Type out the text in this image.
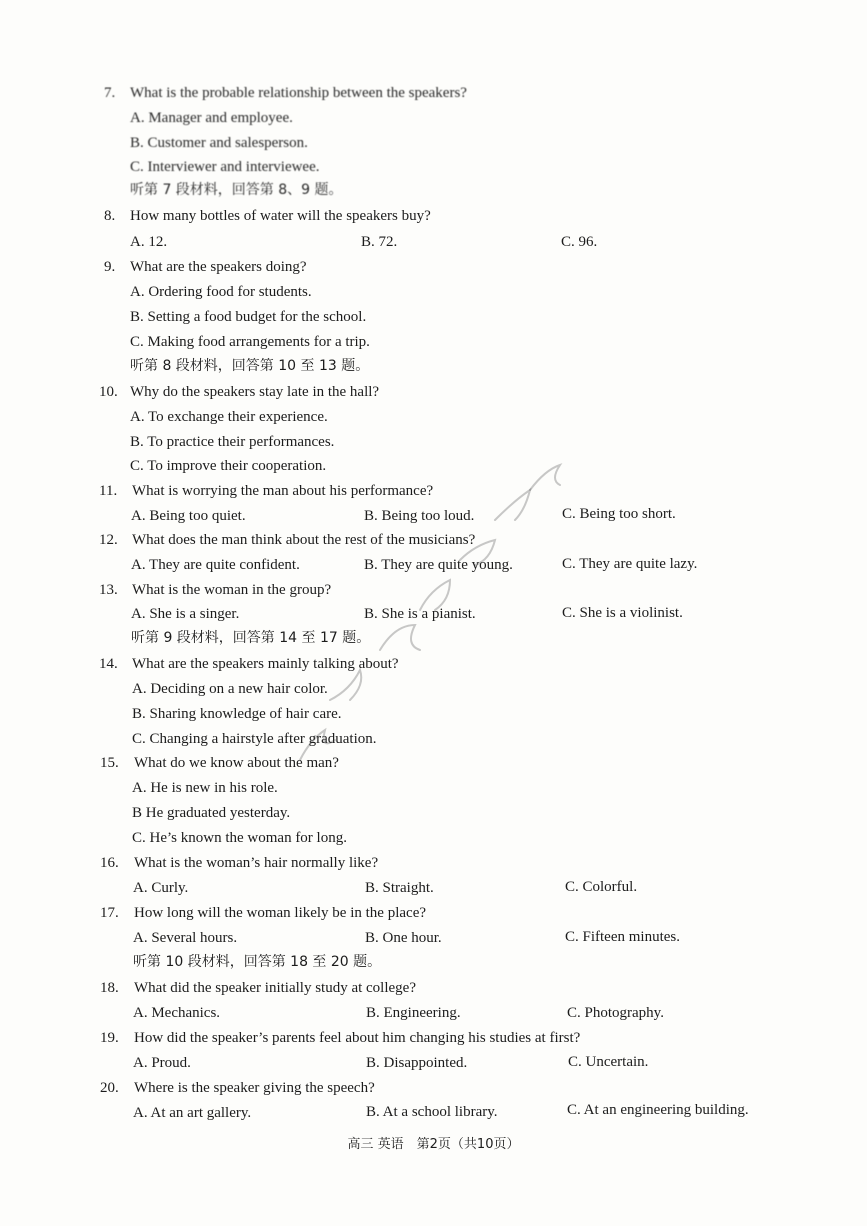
7. What is the probable relationship between the speakers?
A. Manager and employee.
B. Customer and salesperson.
C. Interviewer and interviewee.
听第 7 段材料，回答第 8、9 题。
8. How many bottles of water will the speakers buy?
A. 12.	B. 72.	C. 96.
9. What are the speakers doing?
A. Ordering food for students.
B. Setting a food budget for the school.
C. Making food arrangements for a trip.
听第 8 段材料，回答第 10 至 13 题。
10. Why do the speakers stay late in the hall?
A. To exchange their experience.
B. To practice their performances.
C. To improve their cooperation.
11. What is worrying the man about his performance?
A. Being too quiet.	B. Being too loud.	C. Being too short.
12. What does the man think about the rest of the musicians?
A. They are quite confident.	B. They are quite young.	C. They are quite lazy.
13. What is the woman in the group?
A. She is a singer.	B. She is a pianist.	C. She is a violinist.
听第 9 段材料，回答第 14 至 17 题。
14. What are the speakers mainly talking about?
A. Deciding on a new hair color.
B. Sharing knowledge of hair care.
C. Changing a hairstyle after graduation.
15. What do we know about the man?
A. He is new in his role.
B He graduated yesterday.
C. He’s known the woman for long.
16. What is the woman’s hair normally like?
A. Curly.	B. Straight.	C. Colorful.
17. How long will the woman likely be in the place?
A. Several hours.	B. One hour.	C. Fifteen minutes.
听第 10 段材料，回答第 18 至 20 题。
18. What did the speaker initially study at college?
A. Mechanics.	B. Engineering.	C. Photography.
19. How did the speaker’s parents feel about him changing his studies at first?
A. Proud.	B. Disappointed.	C. Uncertain.
20. Where is the speaker giving the speech?
A. At an art gallery.	B. At a school library.	C. At an engineering building.
高三 英语　第2页（共10页）
